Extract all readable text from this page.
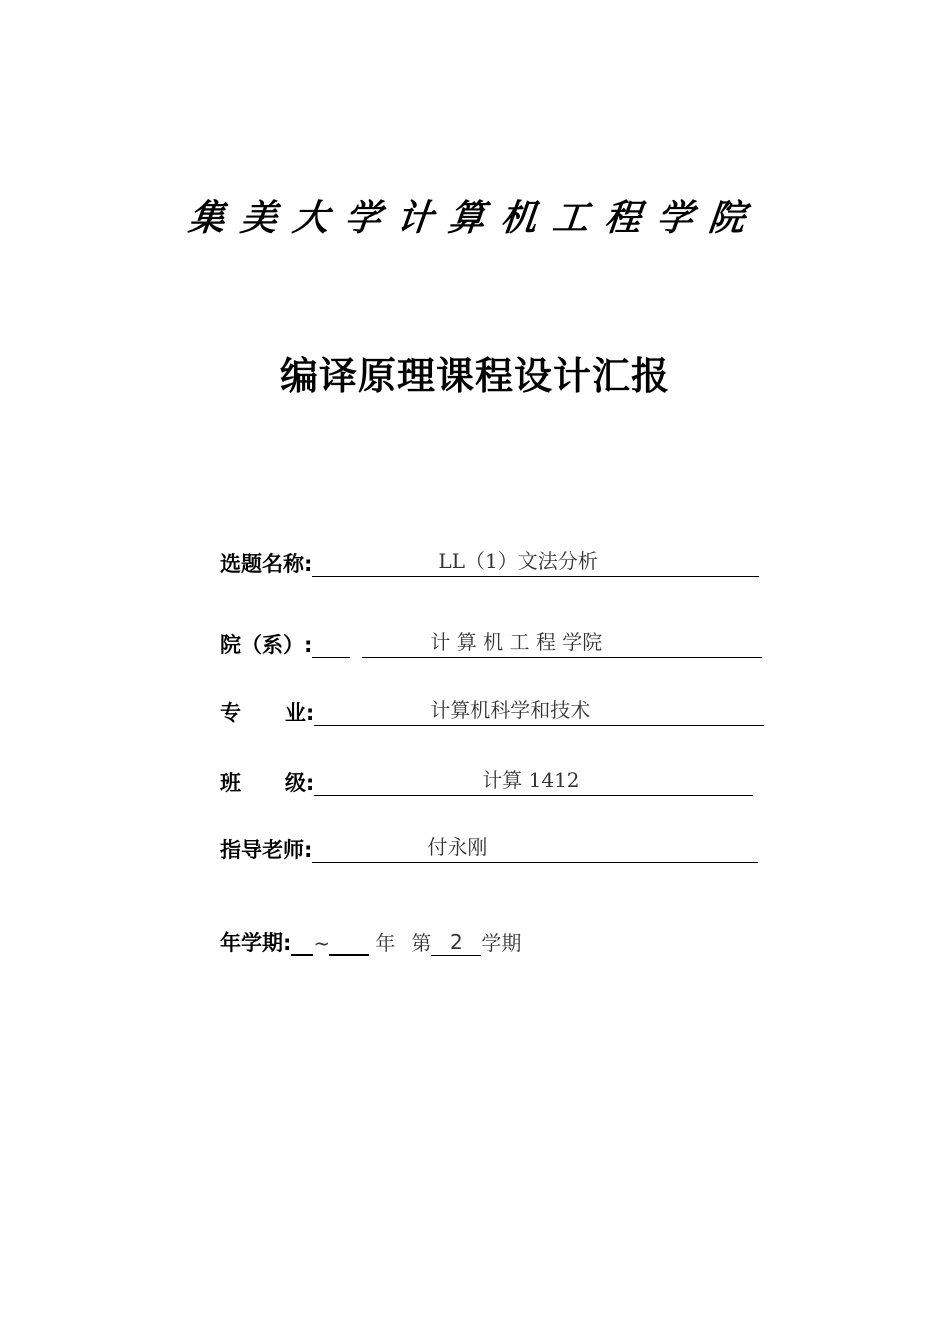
集美大学计算机工程学院
编译原理课程设计汇报
选题名称:

	LL（1）文法分析

院（系）:

	计 算 机 工 程 学院

专      业:

	计算机科学和技术

班      级:

	计算 1412

指导老师:

	付永刚

年学期: ~ 年 第 2 学期
